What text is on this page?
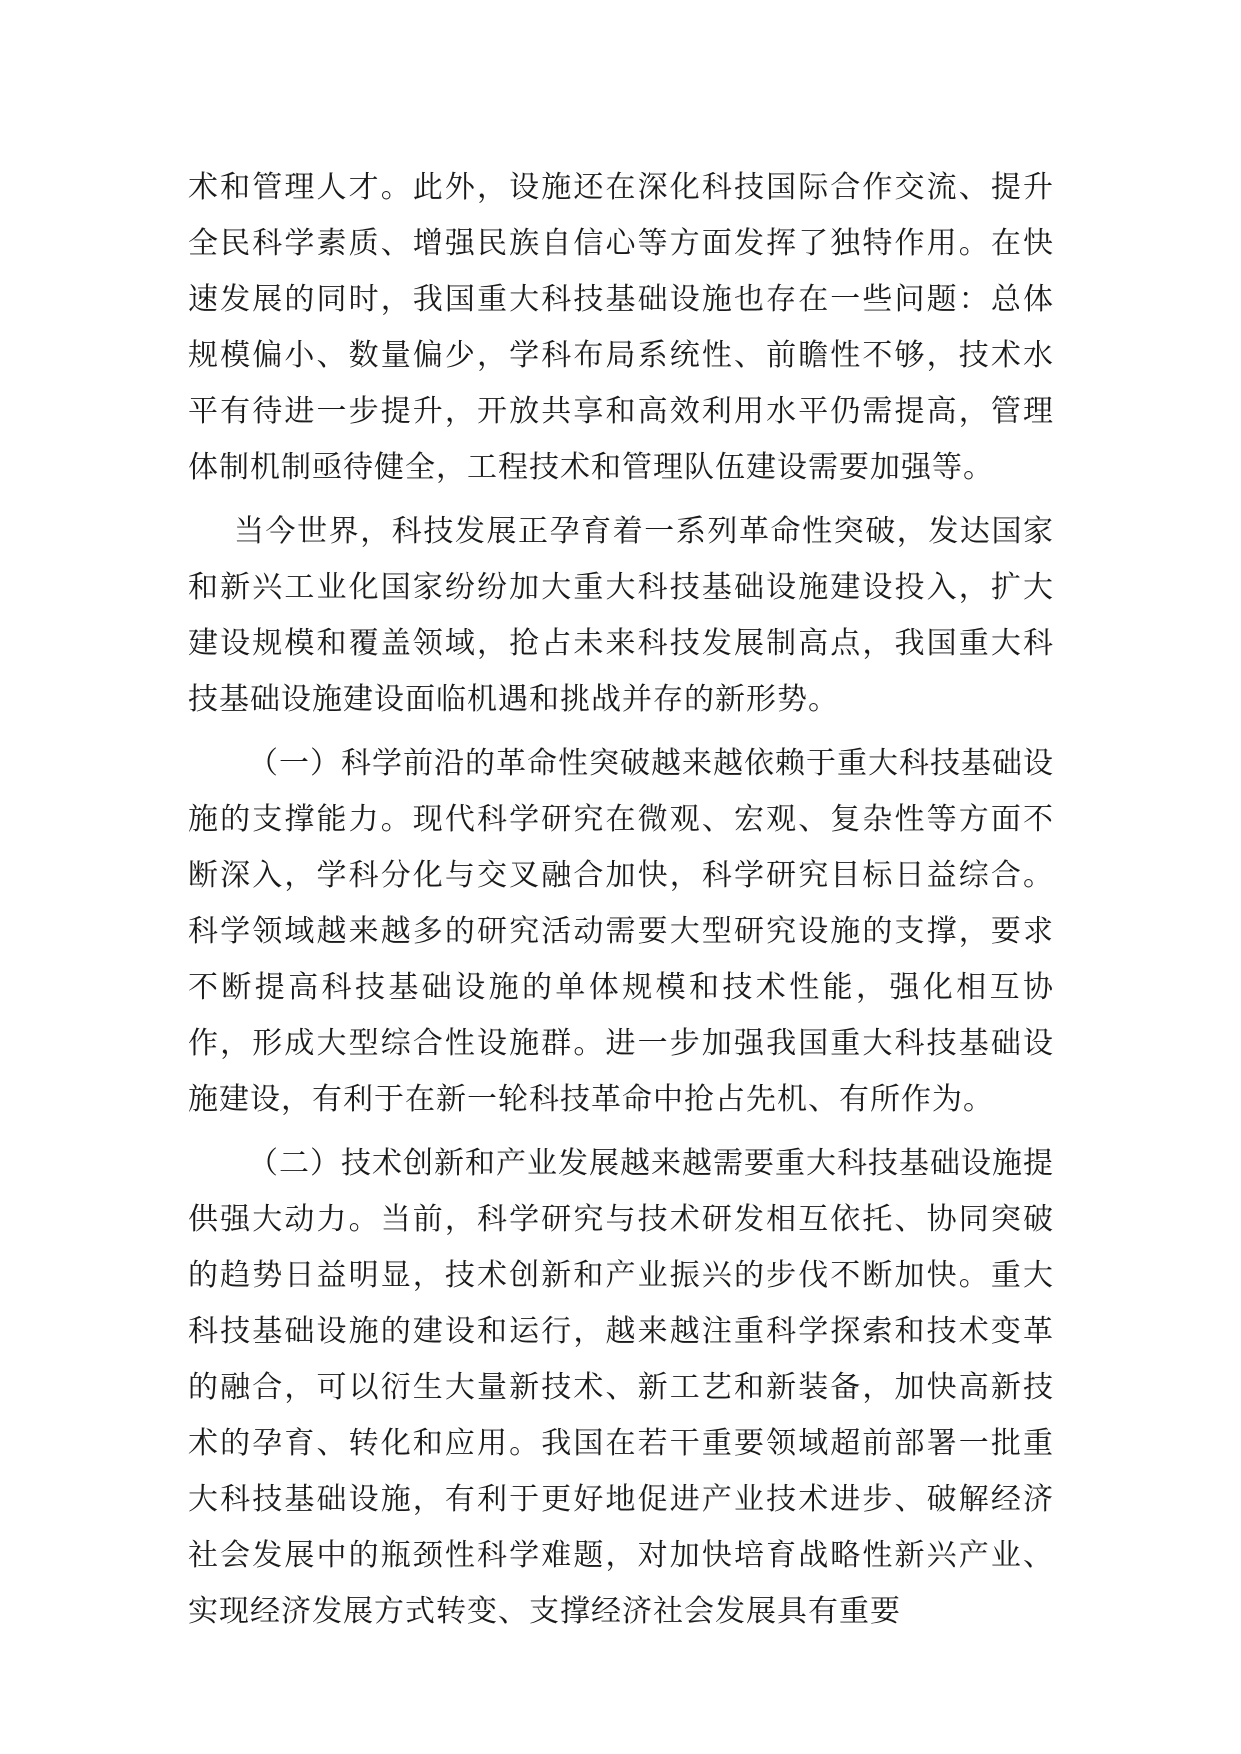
术和管理人才。此外，设施还在深化科技国际合作交流、提升全民科学素质、增强民族自信心等方面发挥了独特作用。在快速发展的同时，我国重大科技基础设施也存在一些问题：总体规模偏小、数量偏少，学科布局系统性、前瞻性不够，技术水平有待进一步提升，开放共享和高效利用水平仍需提高，管理体制机制亟待健全，工程技术和管理队伍建设需要加强等。

当今世界，科技发展正孕育着一系列革命性突破，发达国家和新兴工业化国家纷纷加大重大科技基础设施建设投入，扩大建设规模和覆盖领域，抢占未来科技发展制高点，我国重大科技基础设施建设面临机遇和挑战并存的新形势。

（一）科学前沿的革命性突破越来越依赖于重大科技基础设施的支撑能力。现代科学研究在微观、宏观、复杂性等方面不断深入，学科分化与交叉融合加快，科学研究目标日益综合。科学领域越来越多的研究活动需要大型研究设施的支撑，要求不断提高科技基础设施的单体规模和技术性能，强化相互协作，形成大型综合性设施群。进一步加强我国重大科技基础设施建设，有利于在新一轮科技革命中抢占先机、有所作为。

（二）技术创新和产业发展越来越需要重大科技基础设施提供强大动力。当前，科学研究与技术研发相互依托、协同突破的趋势日益明显，技术创新和产业振兴的步伐不断加快。重大科技基础设施的建设和运行，越来越注重科学探索和技术变革的融合，可以衍生大量新技术、新工艺和新装备，加快高新技术的孕育、转化和应用。我国在若干重要领域超前部署一批重大科技基础设施，有利于更好地促进产业技术进步、破解经济社会发展中的瓶颈性科学难题，对加快培育战略性新兴产业、实现经济发展方式转变、支撑经济社会发展具有重要
